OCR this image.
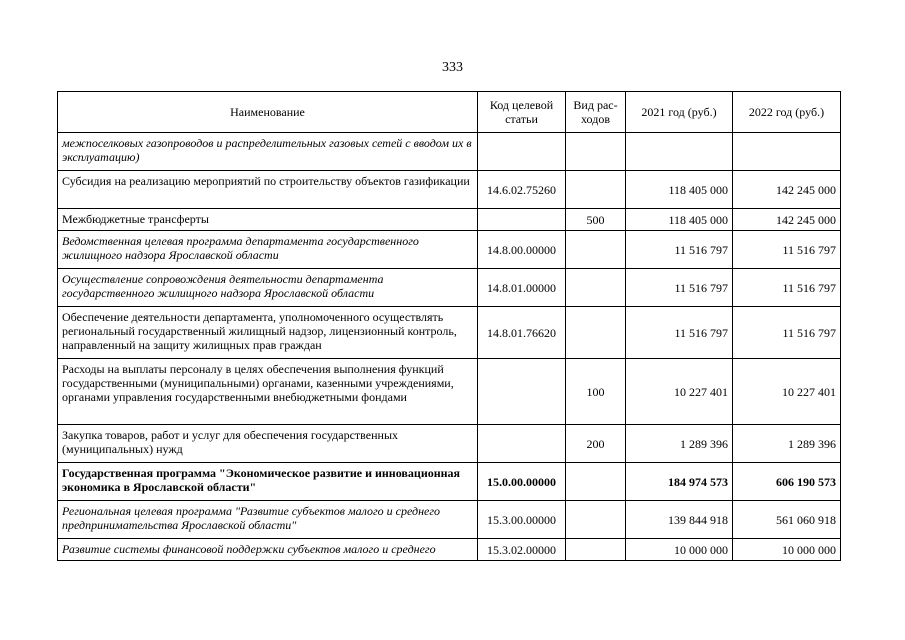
333
Наименование	Код целевой статьи	Вид рас-ходов	2021 год (руб.)	2022 год (руб.)
межпоселковых газопроводов и распределительных газовых сетей с вводом их в эксплуатацию)				
Субсидия на реализацию мероприятий по строительству объектов газификации	14.6.02.75260		118 405 000	142 245 000
Межбюджетные трансферты		500	118 405 000	142 245 000
Ведомственная целевая программа департамента государственного жилищного надзора Ярославской области	14.8.00.00000		11 516 797	11 516 797
Осуществление сопровождения деятельности департамента государственного жилищного надзора Ярославской области	14.8.01.00000		11 516 797	11 516 797
Обеспечение деятельности департамента, уполномоченного осуществлять региональный государственный жилищный надзор, лицензионный контроль, направленный на защиту жилищных прав граждан	14.8.01.76620		11 516 797	11 516 797
Расходы на выплаты персоналу в целях обеспечения выполнения функций государственными (муниципальными) органами, казенными учреждениями, органами управления государственными внебюджетными фондами		100	10 227 401	10 227 401
Закупка товаров, работ и услуг для обеспечения государственных (муниципальных) нужд		200	1 289 396	1 289 396
Государственная программа "Экономическое развитие и инновационная экономика в Ярославской области"	15.0.00.00000		184 974 573	606 190 573
Региональная целевая программа "Развитие субъектов малого и среднего предпринимательства Ярославской области"	15.3.00.00000		139 844 918	561 060 918
Развитие системы финансовой поддержки субъектов малого и среднего	15.3.02.00000		10 000 000	10 000 000
